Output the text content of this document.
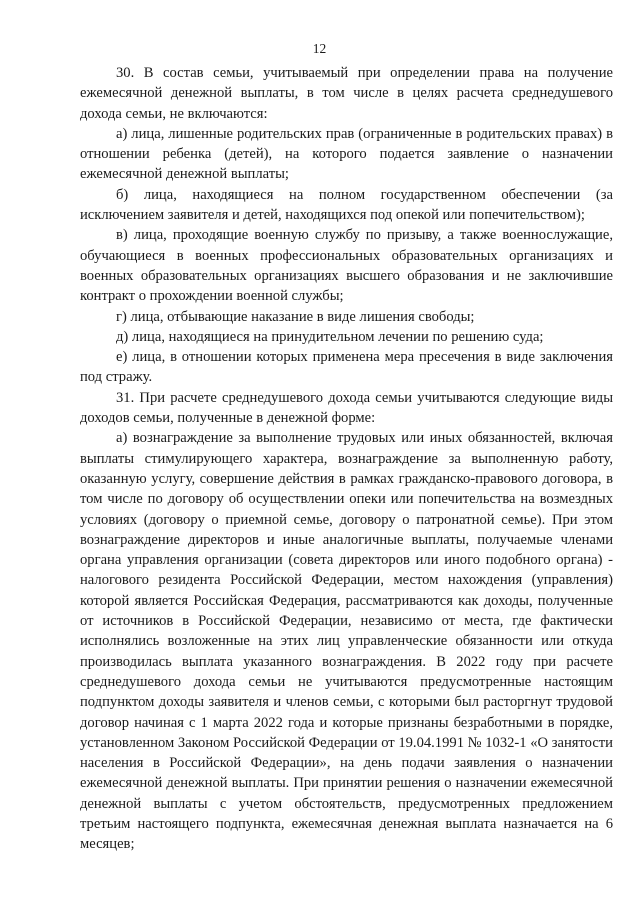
12

30. В состав семьи, учитываемый при определении права на получение ежемесячной денежной выплаты, в том числе в целях расчета среднедушевого дохода семьи, не включаются:

а) лица, лишенные родительских прав (ограниченные в родительских правах) в отношении ребенка (детей), на которого подается заявление о назначении ежемесячной денежной выплаты;

б) лица, находящиеся на полном государственном обеспечении (за исключением заявителя и детей, находящихся под опекой или попечительством);

в) лица, проходящие военную службу по призыву, а также военнослужащие, обучающиеся в военных профессиональных образовательных организациях и военных образовательных организациях высшего образования и не заключившие контракт о прохождении военной службы;

г) лица, отбывающие наказание в виде лишения свободы;

д) лица, находящиеся на принудительном лечении по решению суда;

е) лица, в отношении которых применена мера пресечения в виде заключения под стражу.

31. При расчете среднедушевого дохода семьи учитываются следующие виды доходов семьи, полученные в денежной форме:

а) вознаграждение за выполнение трудовых или иных обязанностей, включая выплаты стимулирующего характера, вознаграждение за выполненную работу, оказанную услугу, совершение действия в рамках гражданско-правового договора, в том числе по договору об осуществлении опеки или попечительства на возмездных условиях (договору о приемной семье, договору о патронатной семье). При этом вознаграждение директоров и иные аналогичные выплаты, получаемые членами органа управления организации (совета директоров или иного подобного органа) - налогового резидента Российской Федерации, местом нахождения (управления) которой является Российская Федерация, рассматриваются как доходы, полученные от источников в Российской Федерации, независимо от места, где фактически исполнялись возложенные на этих лиц управленческие обязанности или откуда производилась выплата указанного вознаграждения. В 2022 году при расчете среднедушевого дохода семьи не учитываются предусмотренные настоящим подпунктом доходы заявителя и членов семьи, с которыми был расторгнут трудовой договор начиная с 1 марта 2022 года и которые признаны безработными в порядке, установленном Законом Российской Федерации от 19.04.1991 № 1032-1 «О занятости населения в Российской Федерации», на день подачи заявления о назначении ежемесячной денежной выплаты. При принятии решения о назначении ежемесячной денежной выплаты с учетом обстоятельств, предусмотренных предложением третьим настоящего подпункта, ежемесячная денежная выплата назначается на 6 месяцев;
